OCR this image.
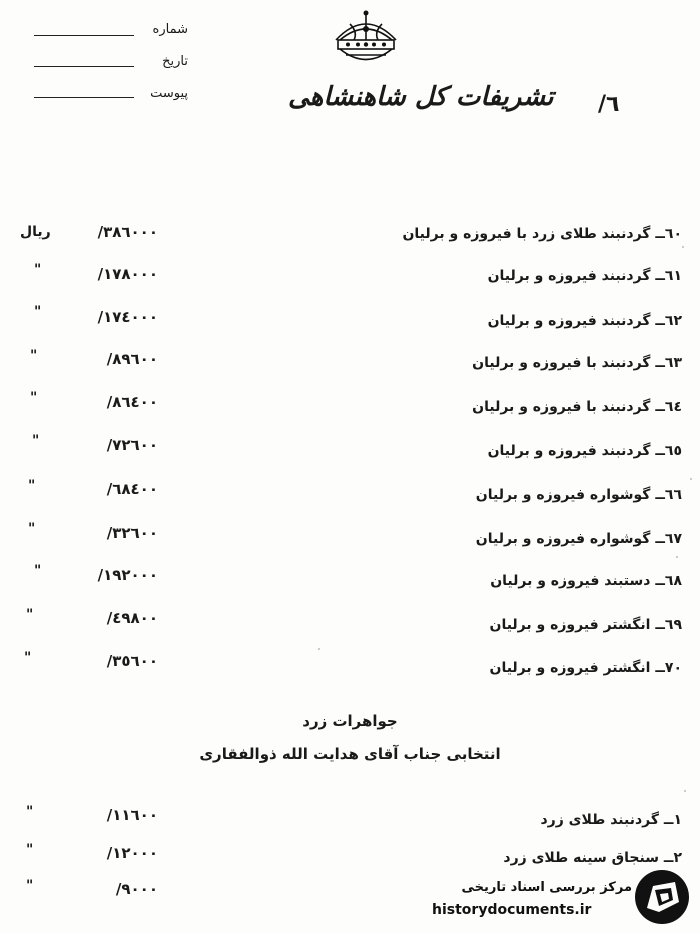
شماره
تاریخ
پیوست	تشریفات کل شاهنشاهی ٦/
٦۰ــ گردنبند طلای زرد با فیروزه و برلیان
٣٨٦۰۰۰/
ریال
٦١ــ گردنبند فیروزه و برلیان
١٧٨۰۰۰/
"
٦٢ــ گردنبند فیروزه و برلیان
١٧٤۰۰۰/
"
٦٣ــ گردنبند با فیروزه و برلیان
٨٩٦۰۰/
"
٦٤ــ گردنبند با فیروزه و برلیان
٨٦٤۰۰/
"
٦٥ــ گردنبند فیروزه و برلیان
٧٢٦۰۰/
"
٦٦ــ گوشواره فیروزه و برلیان
٦٨٤۰۰/
"
٦٧ــ گوشواره فیروزه و برلیان
٣٢٦۰۰/
"
٦٨ــ دستبند فیروزه و برلیان
١٩٢۰۰۰/
"
٦٩ــ انگشتر فیروزه و برلیان
٤٩٨۰۰/
"
٧۰ــ انگشتر فیروزه و برلیان
٣٥٦۰۰/
"
جواهرات زرد
انتخابی جناب آقای هدایت الله ذوالفقاری
١ــ گردنبند طلای زرد
١١٦۰۰/
"
٢ــ سنجاق سینه طلای زرد
١٢۰۰۰/
"
٩۰۰۰/
"	مرکز بررسی اسناد تاریخی
historydocuments.ir
